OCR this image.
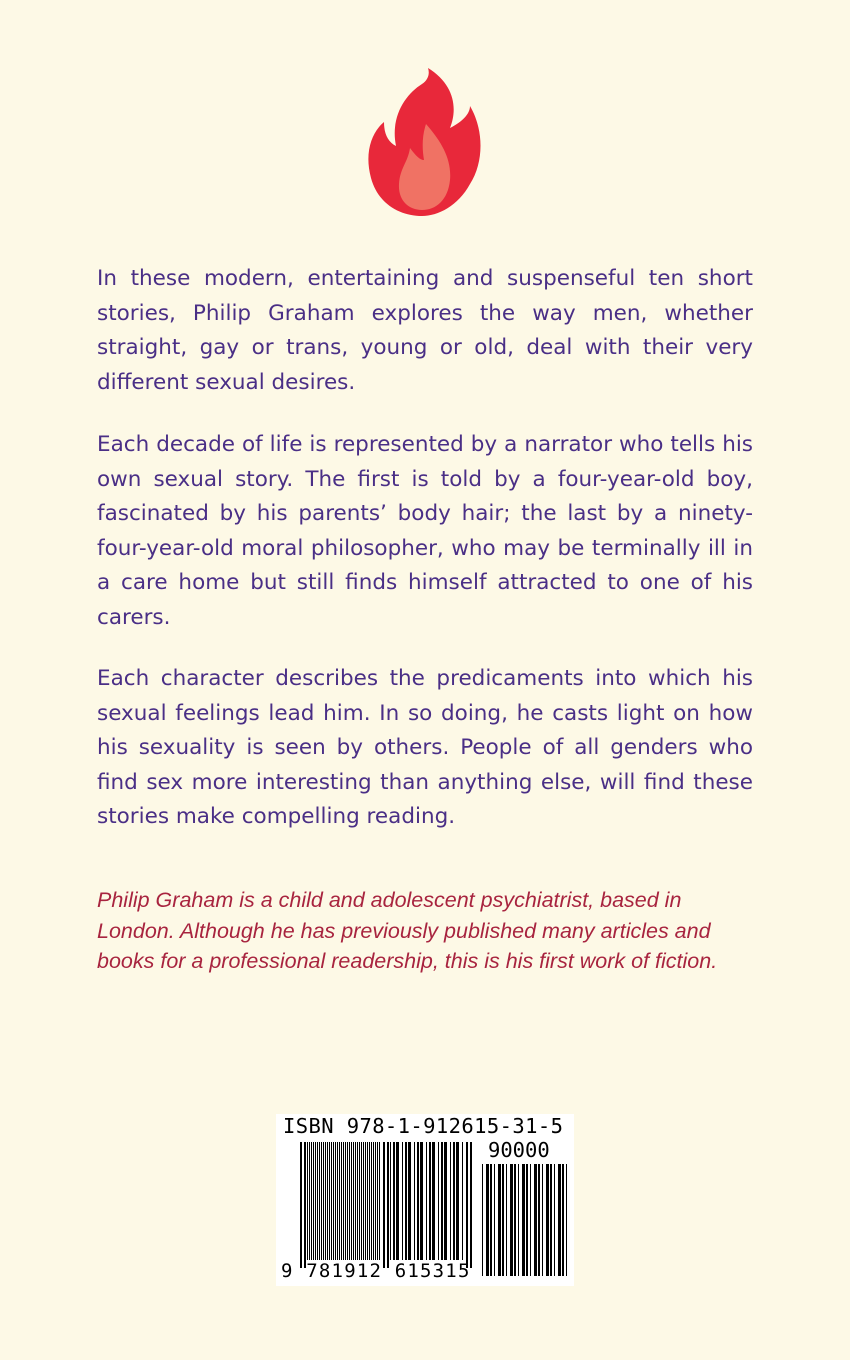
In these modern, entertaining and suspenseful ten short stories, Philip Graham explores the way men, whether straight, gay or trans, young or old, deal with their very different sexual desires.

Each decade of life is represented by a narrator who tells his own sexual story. The first is told by a four-year-old boy, fascinated by his parents’ body hair; the last by a ninety-four-year-old moral philosopher, who may be terminally ill in a care home but still finds himself attracted to one of his carers.

Each character describes the predicaments into which his sexual feelings lead him. In so doing, he casts light on how his sexuality is seen by others. People of all genders who find sex more interesting than anything else, will find these stories make compelling reading.

Philip Graham is a child and adolescent psychiatrist, based in London. Although he has previously published many articles and books for a professional readership, this is his first work of fiction.

ISBN 978-1-912615-31-5
90000
9 781912 615315
